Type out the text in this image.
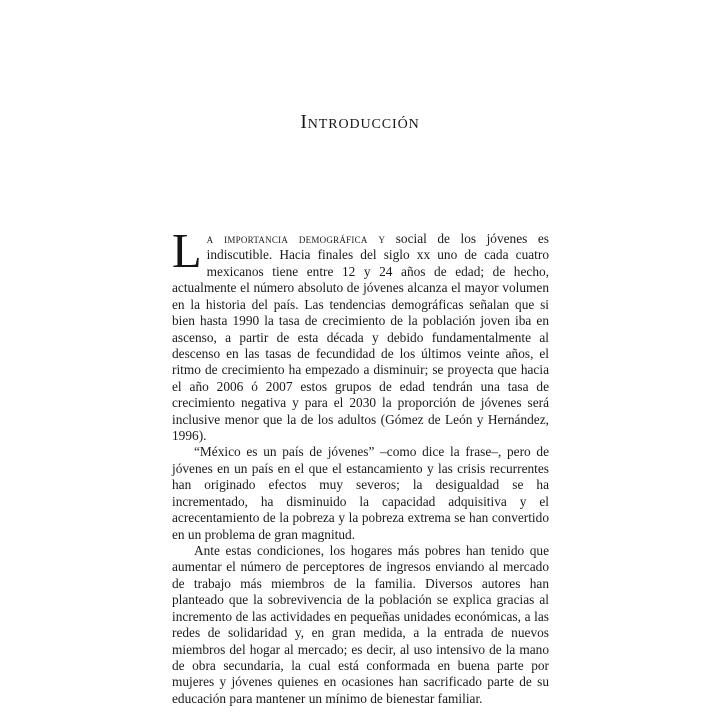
Introducción

La importancia demográfica y social de los jóvenes es indiscutible. Hacia finales del siglo xx uno de cada cuatro mexicanos tiene entre 12 y 24 años de edad; de hecho, actualmente el número absoluto de jóvenes alcanza el mayor volumen en la historia del país. Las tendencias demográficas señalan que si bien hasta 1990 la tasa de crecimiento de la población joven iba en ascenso, a partir de esta década y debido fundamentalmente al descenso en las tasas de fecundidad de los últimos veinte años, el ritmo de crecimiento ha empezado a disminuir; se proyecta que hacia el año 2006 ó 2007 estos grupos de edad tendrán una tasa de crecimiento negativa y para el 2030 la proporción de jóvenes será inclusive menor que la de los adultos (Gómez de León y Hernández, 1996).

“México es un país de jóvenes” –como dice la frase–, pero de jóvenes en un país en el que el estancamiento y las crisis recurrentes han originado efectos muy severos; la desigualdad se ha incrementado, ha disminuido la capacidad adquisitiva y el acrecentamiento de la pobreza y la pobreza extrema se han convertido en un problema de gran magnitud.

Ante estas condiciones, los hogares más pobres han tenido que aumentar el número de perceptores de ingresos enviando al mercado de trabajo más miembros de la familia. Diversos autores han planteado que la sobrevivencia de la población se explica gracias al incremento de las actividades en pequeñas unidades económicas, a las redes de solidaridad y, en gran medida, a la entrada de nuevos miembros del hogar al mercado; es decir, al uso intensivo de la mano de obra secundaria, la cual está conformada en buena parte por mujeres y jóvenes quienes en ocasiones han sacrificado parte de su educación para mantener un mínimo de bienestar familiar.
